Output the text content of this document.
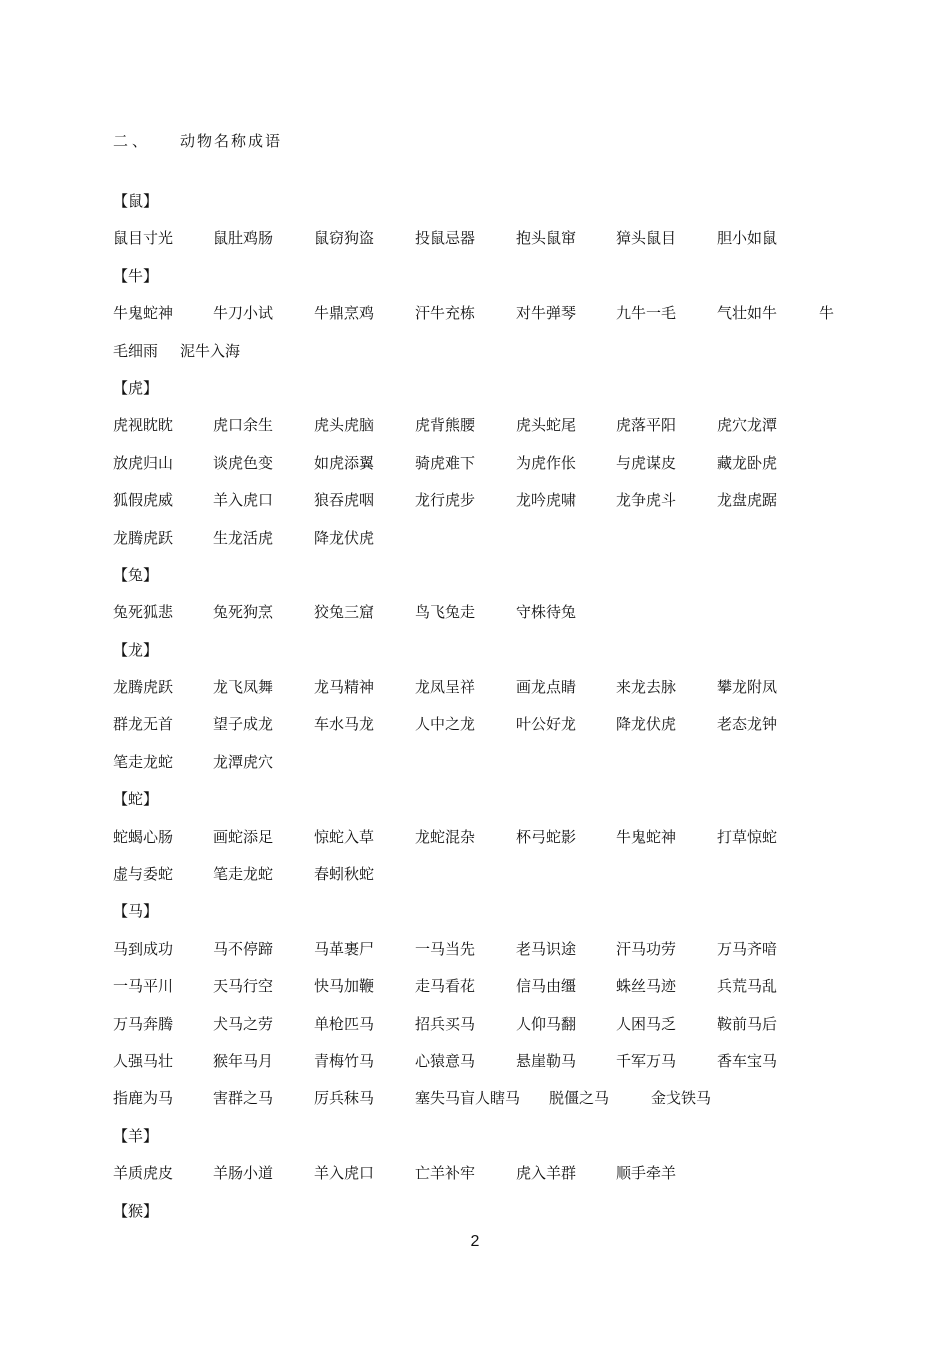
二、 动物名称成语
【鼠】
鼠目寸光	鼠肚鸡肠	鼠窃狗盗	投鼠忌器	抱头鼠窜	獐头鼠目	胆小如鼠
【牛】
牛鬼蛇神	牛刀小试	牛鼎烹鸡	汗牛充栋	对牛弹琴	九牛一毛	气壮如牛	牛
毛细雨 泥牛入海
【虎】
虎视眈眈	虎口余生	虎头虎脑	虎背熊腰	虎头蛇尾	虎落平阳	虎穴龙潭
放虎归山	谈虎色变	如虎添翼	骑虎难下	为虎作伥	与虎谋皮	藏龙卧虎
狐假虎威	羊入虎口	狼吞虎咽	龙行虎步	龙吟虎啸	龙争虎斗	龙盘虎踞
龙腾虎跃	生龙活虎	降龙伏虎
【兔】
兔死狐悲	兔死狗烹	狡兔三窟	鸟飞兔走	守株待兔
【龙】
龙腾虎跃	龙飞凤舞	龙马精神	龙凤呈祥	画龙点睛	来龙去脉	攀龙附凤
群龙无首	望子成龙	车水马龙	人中之龙	叶公好龙	降龙伏虎	老态龙钟
笔走龙蛇	龙潭虎穴
【蛇】
蛇蝎心肠	画蛇添足	惊蛇入草	龙蛇混杂	杯弓蛇影	牛鬼蛇神	打草惊蛇
虚与委蛇	笔走龙蛇	春蚓秋蛇
【马】
马到成功	马不停蹄	马革裹尸	一马当先	老马识途	汗马功劳	万马齐喑
一马平川	天马行空	快马加鞭	走马看花	信马由缰	蛛丝马迹	兵荒马乱
万马奔腾	犬马之劳	单枪匹马	招兵买马	人仰马翻	人困马乏	鞍前马后
人强马壮	猴年马月	青梅竹马	心猿意马	悬崖勒马	千军万马	香车宝马
指鹿为马	害群之马	厉兵秣马	塞失马盲人瞎马 脱僵之马	金戈铁马
【羊】
羊质虎皮	羊肠小道	羊入虎口	亡羊补牢	虎入羊群	顺手牵羊
【猴】
2
